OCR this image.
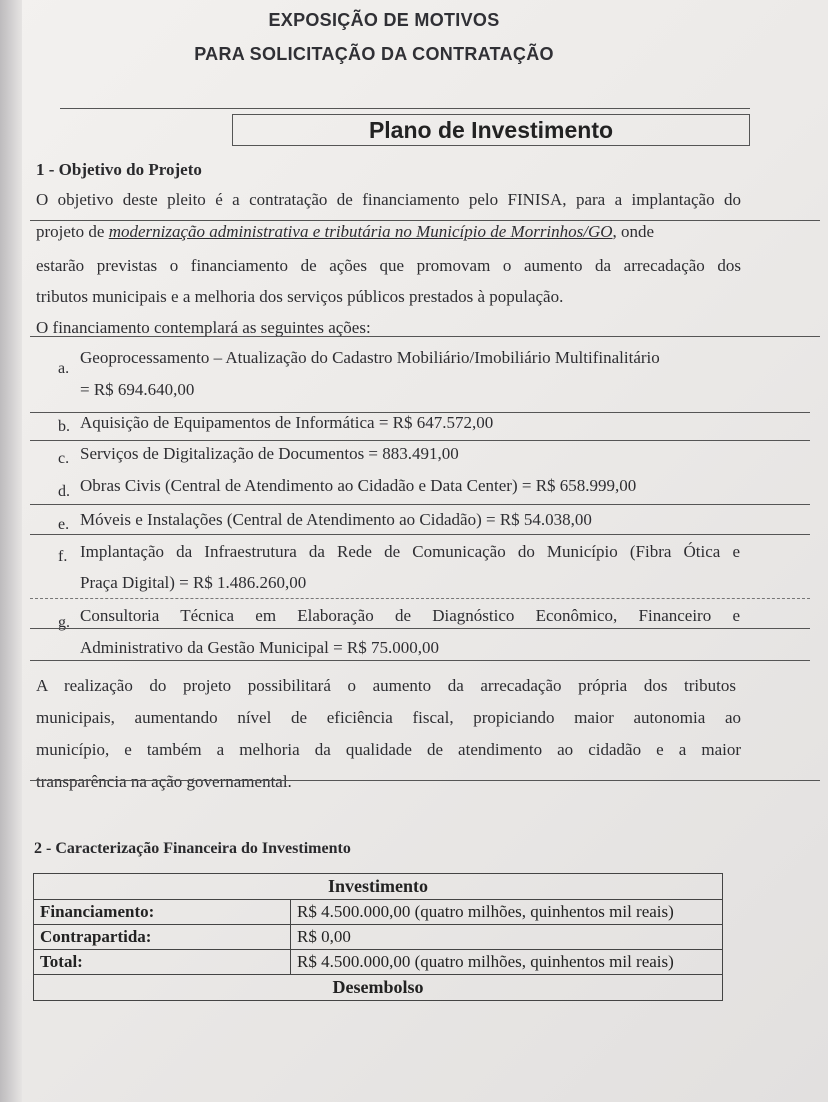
EXPOSIÇÃO DE MOTIVOS
PARA SOLICITAÇÃO DA CONTRATAÇÃO
Plano de Investimento
1 - Objetivo do Projeto
O objetivo deste pleito é a contratação de financiamento pelo FINISA, para a implantação do
projeto de modernização administrativa e tributária no Município de Morrinhos/GO, onde
estarão previstas o financiamento de ações que promovam o aumento da arrecadação dos
tributos municipais e a melhoria dos serviços públicos prestados à população.
O financiamento contemplará as seguintes ações:
a.
Geoprocessamento – Atualização do Cadastro Mobiliário/Imobiliário Multifinalitário
= R$ 694.640,00
b. Aquisição de Equipamentos de Informática = R$ 647.572,00
c. Serviços de Digitalização de Documentos = 883.491,00
d. Obras Civis (Central de Atendimento ao Cidadão e Data Center) = R$ 658.999,00
e. Móveis e Instalações (Central de Atendimento ao Cidadão) = R$ 54.038,00
f. Implantação da Infraestrutura da Rede de Comunicação do Município (Fibra Ótica e
Praça Digital) = R$ 1.486.260,00
g. Consultoria Técnica em Elaboração de Diagnóstico Econômico, Financeiro e
Administrativo da Gestão Municipal = R$ 75.000,00
A realização do projeto possibilitará o aumento da arrecadação própria dos tributos
municipais, aumentando nível de eficiência fiscal, propiciando maior autonomia ao
município, e também a melhoria da qualidade de atendimento ao cidadão e a maior
transparência na ação governamental.
2 - Caracterização Financeira do Investimento
Investimento	
Financiamento:	R$ 4.500.000,00 (quatro milhões, quinhentos mil reais)
Contrapartida:	R$ 0,00
Total:	R$ 4.500.000,00 (quatro milhões, quinhentos mil reais)
Desembolso	
